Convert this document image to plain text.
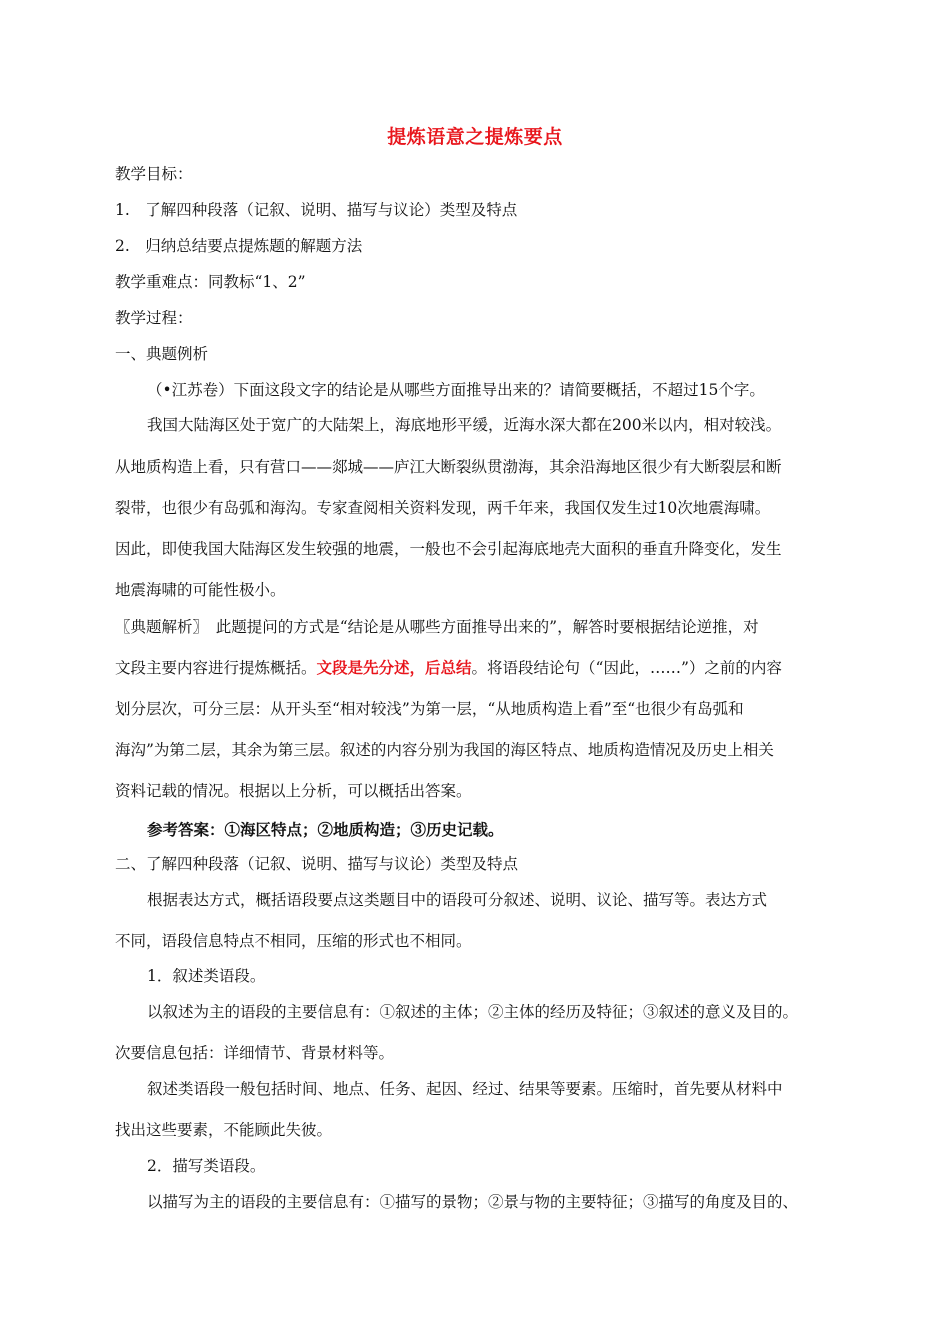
提炼语意之提炼要点
教学目标：
1.　了解四种段落（记叙、说明、描写与议论）类型及特点
2.　归纳总结要点提炼题的解题方法
教学重难点：同教标“1、2”
教学过程：
一、典题例析
（•江苏卷）下面这段文字的结论是从哪些方面推导出来的？请简要概括，不超过15个字。
我国大陆海区处于宽广的大陆架上，海底地形平缓，近海水深大都在200米以内，相对较浅。
从地质构造上看，只有营口——郯城——庐江大断裂纵贯渤海，其余沿海地区很少有大断裂层和断
裂带，也很少有岛弧和海沟。专家查阅相关资料发现，两千年来，我国仅发生过10次地震海啸。
因此，即使我国大陆海区发生较强的地震，一般也不会引起海底地壳大面积的垂直升降变化，发生
地震海啸的可能性极小。
〖典题解析〗　此题提问的方式是“结论是从哪些方面推导出来的”，解答时要根据结论逆推，对
文段主要内容进行提炼概括。文段是先分述，后总结。将语段结论句（“因此，……”）之前的内容
划分层次，可分三层：从开头至“相对较浅”为第一层，“从地质构造上看”至“也很少有岛弧和
海沟”为第二层，其余为第三层。叙述的内容分别为我国的海区特点、地质构造情况及历史上相关
资料记载的情况。根据以上分析，可以概括出答案。
参考答案：①海区特点；②地质构造；③历史记载。
二、了解四种段落（记叙、说明、描写与议论）类型及特点
根据表达方式，概括语段要点这类题目中的语段可分叙述、说明、议论、描写等。表达方式
不同，语段信息特点不相同，压缩的形式也不相同。
1．叙述类语段。
以叙述为主的语段的主要信息有：①叙述的主体；②主体的经历及特征；③叙述的意义及目的。
次要信息包括：详细情节、背景材料等。
叙述类语段一般包括时间、地点、任务、起因、经过、结果等要素。压缩时，首先要从材料中
找出这些要素，不能顾此失彼。
2．描写类语段。
以描写为主的语段的主要信息有：①描写的景物；②景与物的主要特征；③描写的角度及目的、
